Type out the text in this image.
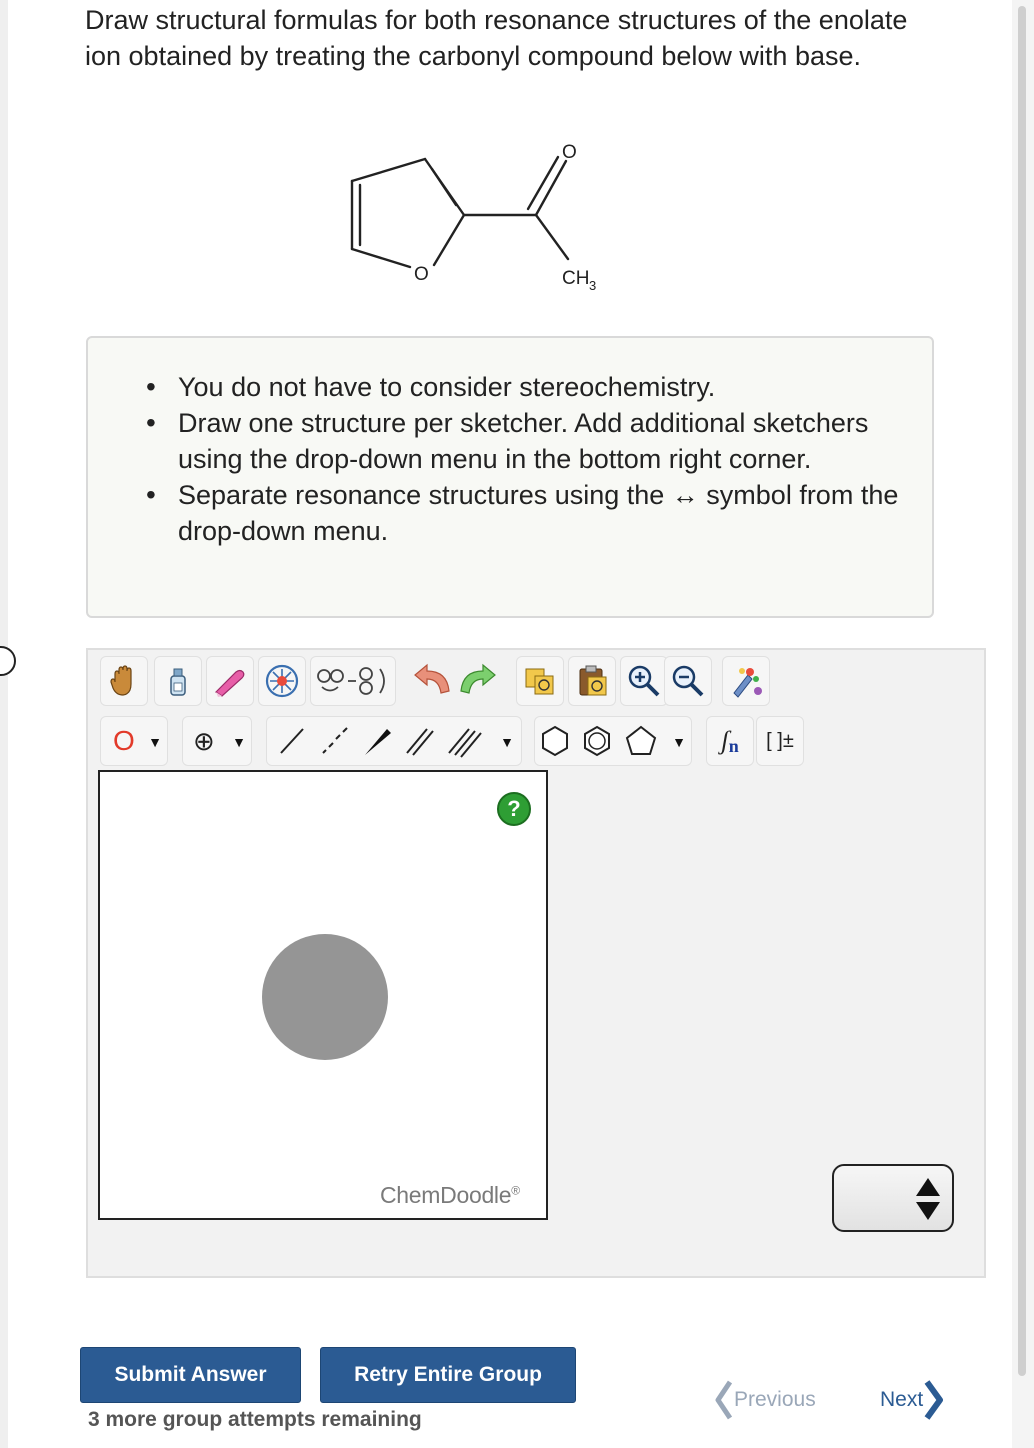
Draw structural formulas for both resonance structures of the enolate ion obtained by treating the carbonyl compound below with base.
O
O	CH 3
• You do not have to consider stereochemistry.
• Draw one structure per sketcher. Add additional sketchers using the drop-down menu in the bottom right corner.
• Separate resonance structures using the ↔ symbol from the drop-down menu.
O ▼ ⊕	▼	▼	▼ ʃ n [ ]±
?
ChemDoodle®
Submit Answer	Retry Entire Group
3 more group attempts remaining
Previous	Next
